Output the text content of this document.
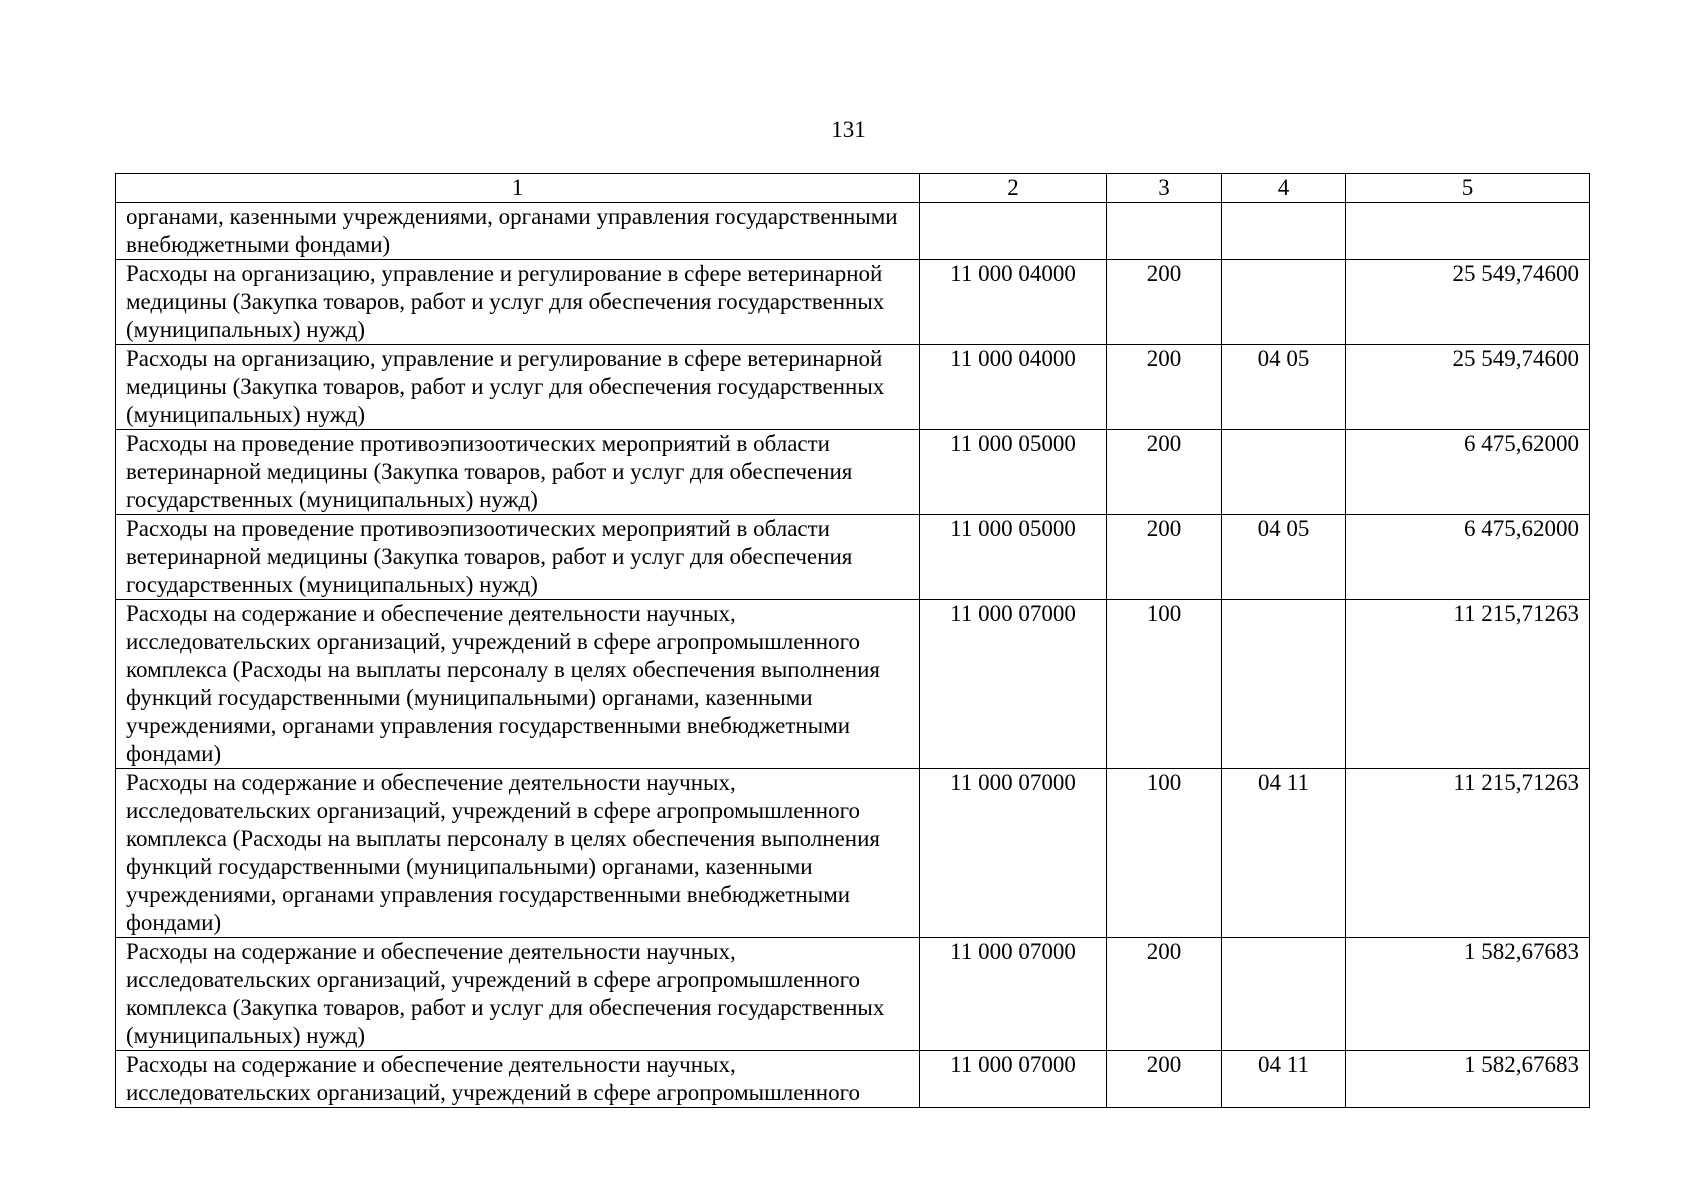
131
1	2	3	4	5
органами, казенными учреждениями, органами управления государственными внебюджетными фондами)				
Расходы на организацию, управление и регулирование в сфере ветеринарной медицины (Закупка товаров, работ и услуг для обеспечения государственных (муниципальных) нужд)	11 000 04000	200		25 549,74600
Расходы на организацию, управление и регулирование в сфере ветеринарной медицины (Закупка товаров, работ и услуг для обеспечения государственных (муниципальных) нужд)	11 000 04000	200	04 05	25 549,74600
Расходы на проведение противоэпизоотических мероприятий в области ветеринарной медицины (Закупка товаров, работ и услуг для обеспечения государственных (муниципальных) нужд)	11 000 05000	200		6 475,62000
Расходы на проведение противоэпизоотических мероприятий в области ветеринарной медицины (Закупка товаров, работ и услуг для обеспечения государственных (муниципальных) нужд)	11 000 05000	200	04 05	6 475,62000
Расходы на содержание и обеспечение деятельности научных, исследовательских организаций, учреждений в сфере агропромышленного комплекса (Расходы на выплаты персоналу в целях обеспечения выполнения функций государственными (муниципальными) органами, казенными учреждениями, органами управления государственными внебюджетными фондами)	11 000 07000	100		11 215,71263
Расходы на содержание и обеспечение деятельности научных, исследовательских организаций, учреждений в сфере агропромышленного комплекса (Расходы на выплаты персоналу в целях обеспечения выполнения функций государственными (муниципальными) органами, казенными учреждениями, органами управления государственными внебюджетными фондами)	11 000 07000	100	04 11	11 215,71263
Расходы на содержание и обеспечение деятельности научных, исследовательских организаций, учреждений в сфере агропромышленного комплекса (Закупка товаров, работ и услуг для обеспечения государственных (муниципальных) нужд)	11 000 07000	200		1 582,67683
Расходы на содержание и обеспечение деятельности научных, исследовательских организаций, учреждений в сфере агропромышленного	11 000 07000	200	04 11	1 582,67683
